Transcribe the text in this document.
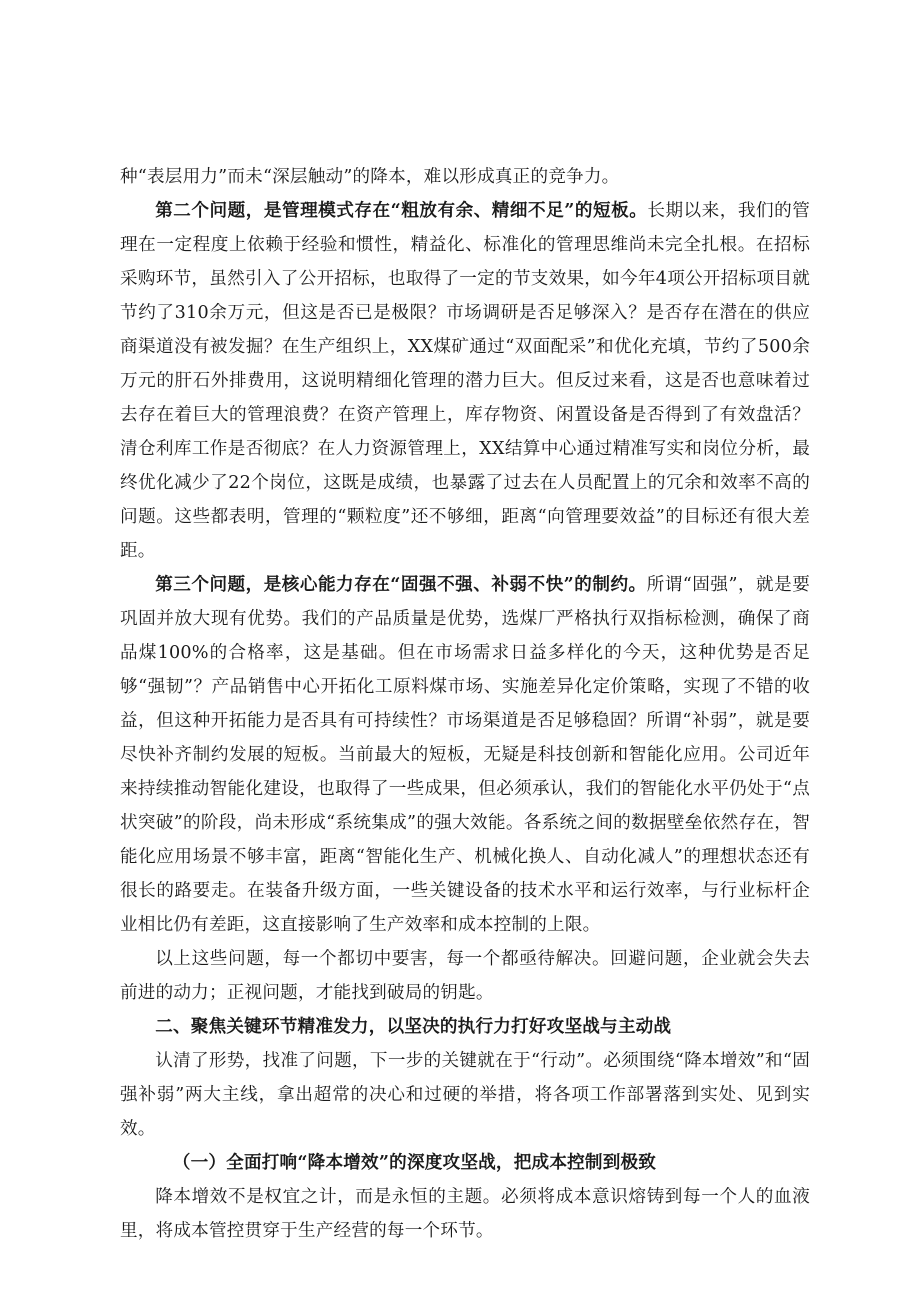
种“表层用力”而未“深层触动”的降本，难以形成真正的竞争力。

第二个问题，是管理模式存在“粗放有余、精细不足”的短板。长期以来，我们的管理在一定程度上依赖于经验和惯性，精益化、标准化的管理思维尚未完全扎根。在招标采购环节，虽然引入了公开招标，也取得了一定的节支效果，如今年4项公开招标项目就节约了310余万元，但这是否已是极限？市场调研是否足够深入？是否存在潜在的供应商渠道没有被发掘？在生产组织上，XX煤矿通过“双面配采”和优化充填，节约了500余万元的肝石外排费用，这说明精细化管理的潜力巨大。但反过来看，这是否也意味着过去存在着巨大的管理浪费？在资产管理上，库存物资、闲置设备是否得到了有效盘活？清仓利库工作是否彻底？在人力资源管理上，XX结算中心通过精准写实和岗位分析，最终优化减少了22个岗位，这既是成绩，也暴露了过去在人员配置上的冗余和效率不高的问题。这些都表明，管理的“颗粒度”还不够细，距离“向管理要效益”的目标还有很大差距。

第三个问题，是核心能力存在“固强不强、补弱不快”的制约。所谓“固强”，就是要巩固并放大现有优势。我们的产品质量是优势，选煤厂严格执行双指标检测，确保了商品煤100%的合格率，这是基础。但在市场需求日益多样化的今天，这种优势是否足够“强韧”？产品销售中心开拓化工原料煤市场、实施差异化定价策略，实现了不错的收益，但这种开拓能力是否具有可持续性？市场渠道是否足够稳固？所谓“补弱”，就是要尽快补齐制约发展的短板。当前最大的短板，无疑是科技创新和智能化应用。公司近年来持续推动智能化建设，也取得了一些成果，但必须承认，我们的智能化水平仍处于“点状突破”的阶段，尚未形成“系统集成”的强大效能。各系统之间的数据壁垒依然存在，智能化应用场景不够丰富，距离“智能化生产、机械化换人、自动化减人”的理想状态还有很长的路要走。在装备升级方面，一些关键设备的技术水平和运行效率，与行业标杆企业相比仍有差距，这直接影响了生产效率和成本控制的上限。

以上这些问题，每一个都切中要害，每一个都亟待解决。回避问题，企业就会失去前进的动力；正视问题，才能找到破局的钥匙。

二、聚焦关键环节精准发力，以坚决的执行力打好攻坚战与主动战

认清了形势，找准了问题，下一步的关键就在于“行动”。必须围绕“降本增效”和“固强补弱”两大主线，拿出超常的决心和过硬的举措，将各项工作部署落到实处、见到实效。

（一）全面打响“降本增效”的深度攻坚战，把成本控制到极致

降本增效不是权宜之计，而是永恒的主题。必须将成本意识熔铸到每一个人的血液里，将成本管控贯穿于生产经营的每一个环节。
